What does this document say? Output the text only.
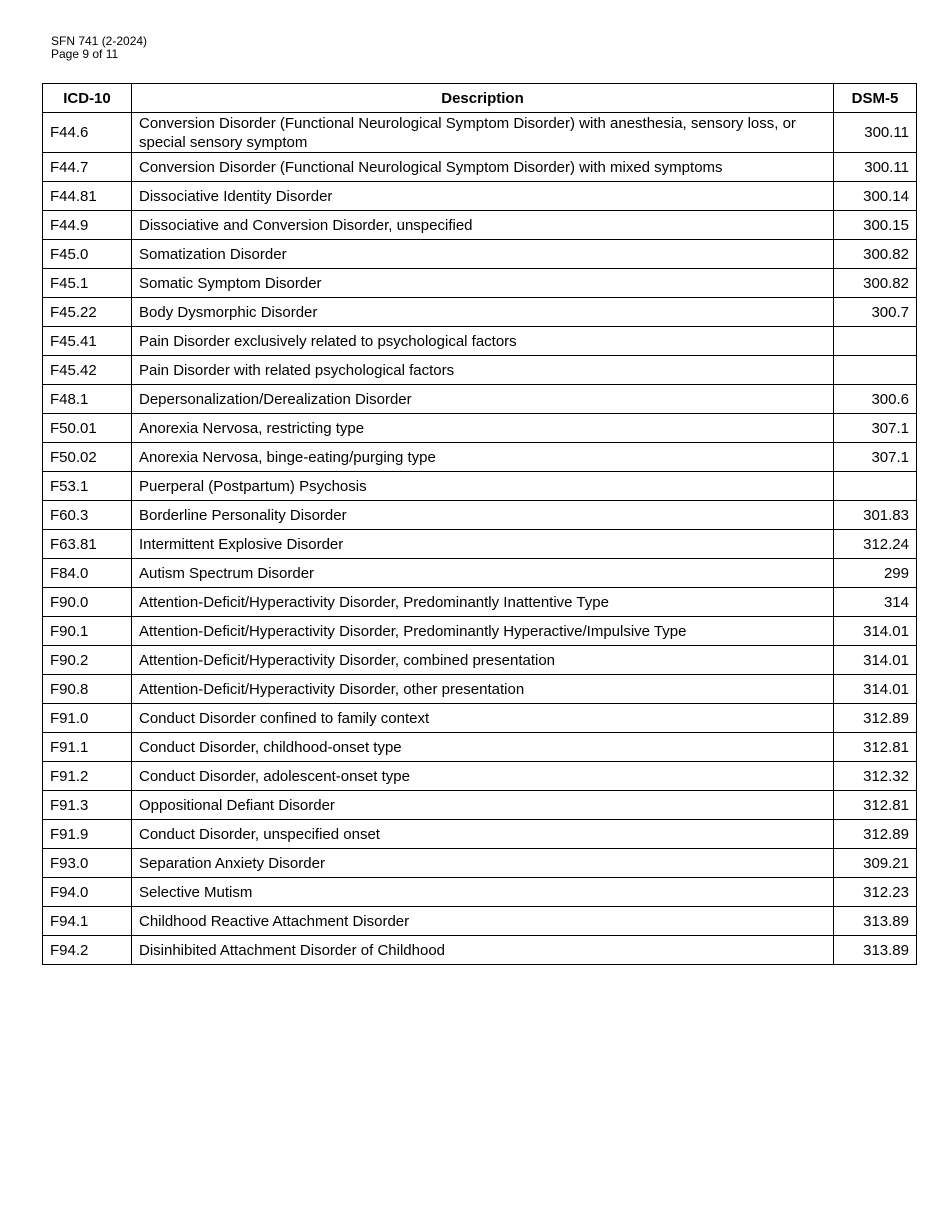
SFN 741 (2-2024)
Page 9 of 11
ICD-10	Description	DSM-5
F44.6	Conversion Disorder (Functional Neurological Symptom Disorder) with anesthesia, sensory loss, or special sensory symptom	300.11
F44.7	Conversion Disorder (Functional Neurological Symptom Disorder) with mixed symptoms	300.11
F44.81	Dissociative Identity Disorder	300.14
F44.9	Dissociative and Conversion Disorder, unspecified	300.15
F45.0	Somatization Disorder	300.82
F45.1	Somatic Symptom Disorder	300.82
F45.22	Body Dysmorphic Disorder	300.7
F45.41	Pain Disorder exclusively related to psychological factors	
F45.42	Pain Disorder with related psychological factors	
F48.1	Depersonalization/Derealization Disorder	300.6
F50.01	Anorexia Nervosa, restricting type	307.1
F50.02	Anorexia Nervosa, binge-eating/purging type	307.1
F53.1	Puerperal (Postpartum) Psychosis	
F60.3	Borderline Personality Disorder	301.83
F63.81	Intermittent Explosive Disorder	312.24
F84.0	Autism Spectrum Disorder	299
F90.0	Attention-Deficit/Hyperactivity Disorder, Predominantly Inattentive Type	314
F90.1	Attention-Deficit/Hyperactivity Disorder, Predominantly Hyperactive/Impulsive Type	314.01
F90.2	Attention-Deficit/Hyperactivity Disorder, combined presentation	314.01
F90.8	Attention-Deficit/Hyperactivity Disorder, other presentation	314.01
F91.0	Conduct Disorder confined to family context	312.89
F91.1	Conduct Disorder, childhood-onset type	312.81
F91.2	Conduct Disorder, adolescent-onset type	312.32
F91.3	Oppositional Defiant Disorder	312.81
F91.9	Conduct Disorder, unspecified onset	312.89
F93.0	Separation Anxiety Disorder	309.21
F94.0	Selective Mutism	312.23
F94.1	Childhood Reactive Attachment Disorder	313.89
F94.2	Disinhibited Attachment Disorder of Childhood	313.89
